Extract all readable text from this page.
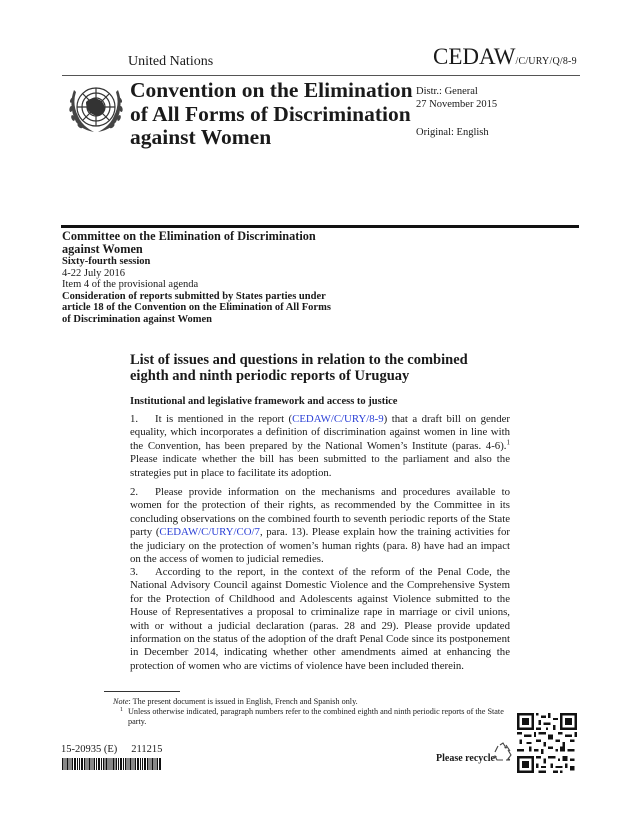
United Nations	CEDAW/C/URY/Q/8-9
Convention on the Elimination
of All Forms of Discrimination
against Women
Distr.: General
27 November 2015
Original: English
Committee on the Elimination of Discrimination
against Women
Sixty-fourth session
4-22 July 2016
Item 4 of the provisional agenda
Consideration of reports submitted by States parties under
article 18 of the Convention on the Elimination of All Forms
of Discrimination against Women
List of issues and questions in relation to the combined
eighth and ninth periodic reports of Uruguay
Institutional and legislative framework and access to justice
1. It is mentioned in the report (CEDAW/C/URY/8-9) that a draft bill on gender equality, which incorporates a definition of discrimination against women in line with the Convention, has been prepared by the National Women’s Institute (paras. 4-6).$^1$ Please indicate whether the bill has been submitted to the parliament and also the strategies put in place to facilitate its adoption.
2. Please provide information on the mechanisms and procedures available to women for the protection of their rights, as recommended by the Committee in its concluding observations on the combined fourth to seventh periodic reports of the State party (CEDAW/C/URY/CO/7, para. 13). Please explain how the training activities for the judiciary on the protection of women’s human rights (para. 8) have had an impact on the access of women to judicial remedies.
3. According to the report, in the context of the reform of the Penal Code, the National Advisory Council against Domestic Violence and the Comprehensive System for the Protection of Childhood and Adolescents against Violence submitted to the House of Representatives a proposal to criminalize rape in marriage or civil unions, with or without a judicial declaration (paras. 28 and 29). Please provide updated information on the status of the adoption of the draft Penal Code since its postponement in December 2014, indicating whether other amendments aimed at enhancing the protection of women who are victims of violence have been included therein.
Note: The present document is issued in English, French and Spanish only.
1 Unless otherwise indicated, paragraph numbers refer to the combined eighth and ninth periodic reports of the State party.
15-20935 (E) 211215
Please recycle
